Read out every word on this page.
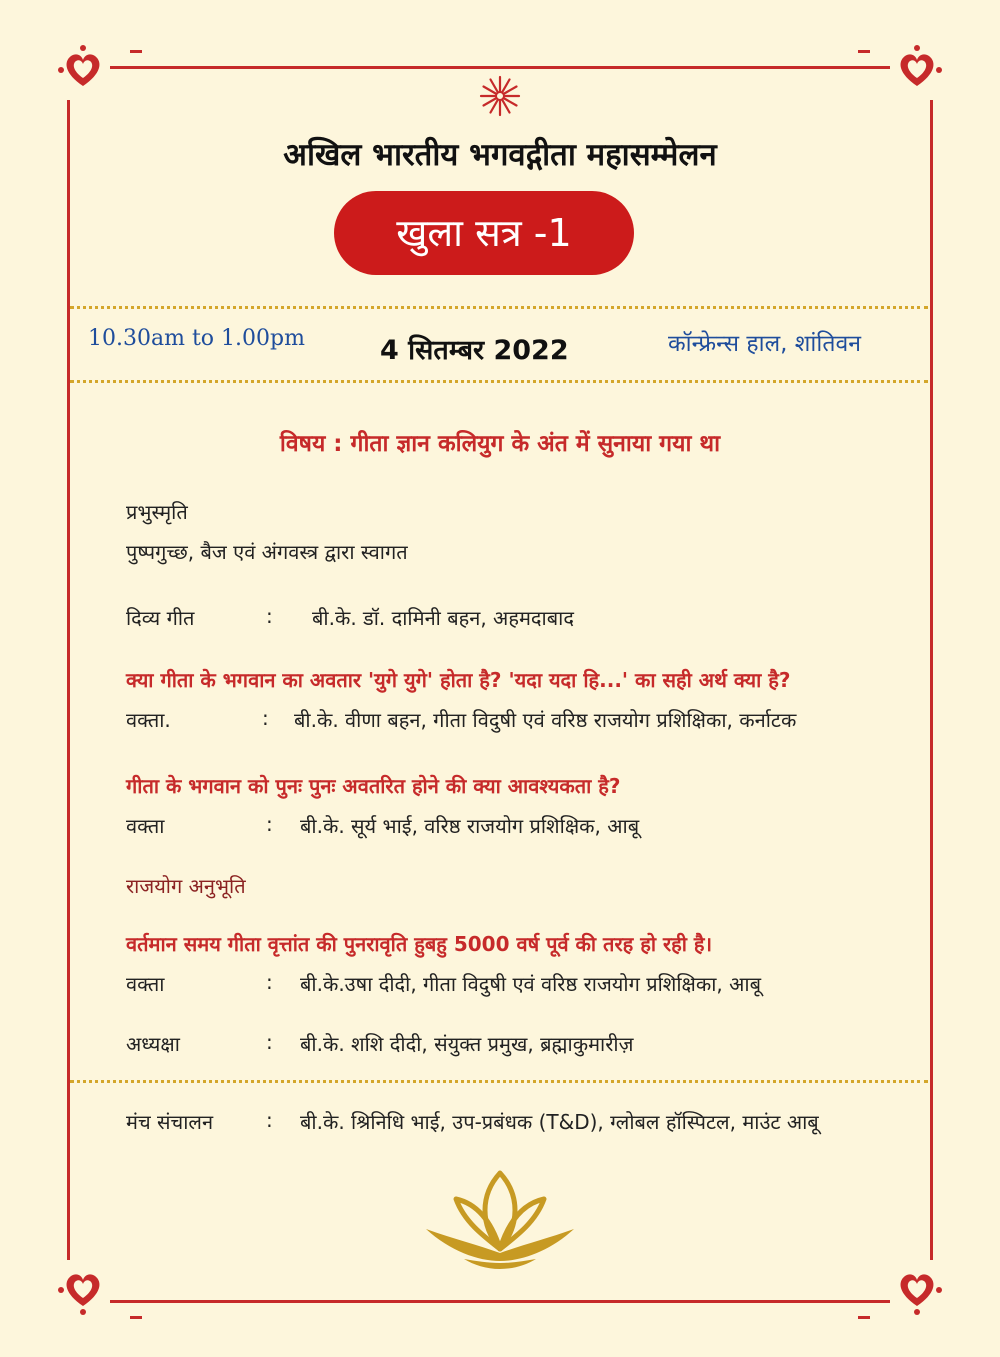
अखिल भारतीय भगवद्गीता महासम्मेलन
खुला सत्र -1
10.30am to 1.00pm	4 सितम्बर 2022	कॉन्फ्रेन्स हाल, शांतिवन
विषय : गीता ज्ञान कलियुग के अंत में सुनाया गया था
प्रभुस्मृति
पुष्पगुच्छ, बैज एवं अंगवस्त्र द्वारा स्वागत
दिव्य गीत	: बी.के. डॉ. दामिनी बहन, अहमदाबाद
क्या गीता के भगवान का अवतार 'युगे युगे' होता है? 'यदा यदा हि...' का सही अर्थ क्या है?
वक्ता.	: बी.के. वीणा बहन, गीता विदुषी एवं वरिष्ठ राजयोग प्रशिक्षिका, कर्नाटक
गीता के भगवान को पुनः पुनः अवतरित होने की क्या आवश्यकता है?
वक्ता	: बी.के. सूर्य भाई, वरिष्ठ राजयोग प्रशिक्षिक, आबू
राजयोग अनुभूति
वर्तमान समय गीता वृत्तांत की पुनरावृति हुबहु 5000 वर्ष पूर्व की तरह हो रही है।
वक्ता	: बी.के.उषा दीदी, गीता विदुषी एवं वरिष्ठ राजयोग प्रशिक्षिका, आबू
अध्यक्षा	: बी.के. शशि दीदी, संयुक्त प्रमुख, ब्रह्माकुमारीज़
मंच संचालन	: बी.के. श्रिनिधि भाई, उप-प्रबंधक (T&D), ग्लोबल हॉस्पिटल, माउंट आबू
